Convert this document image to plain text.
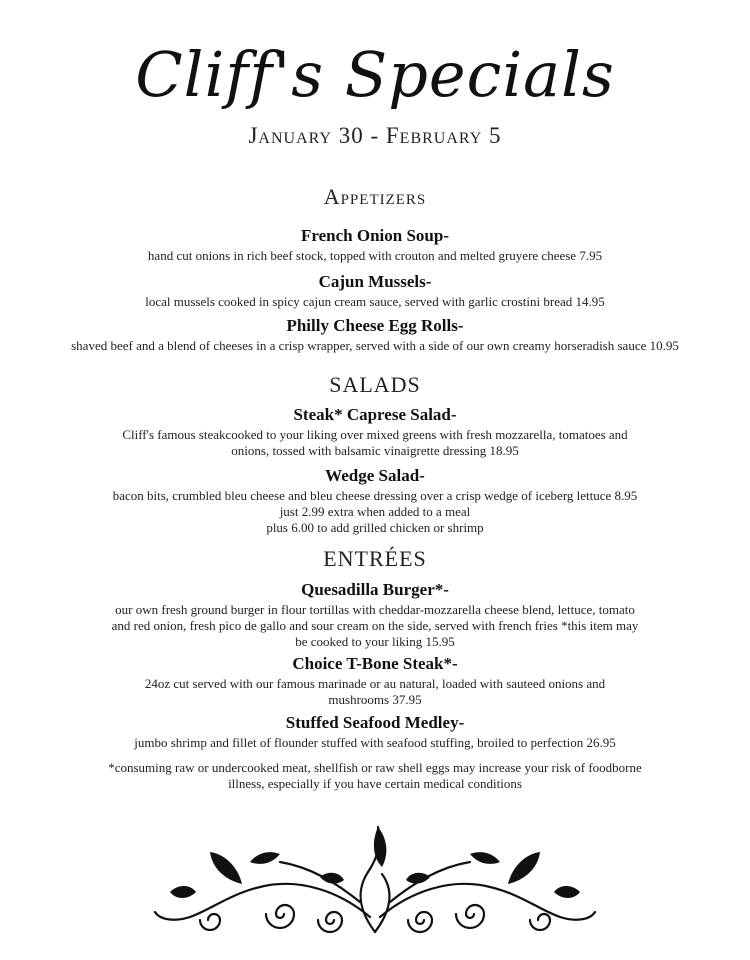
Cliff's Specials
January 30 - February 5
Appetizers
French Onion Soup-
hand cut onions in rich beef stock, topped with crouton and melted gruyere cheese 7.95
Cajun Mussels-
local mussels cooked in spicy cajun cream sauce, served with garlic crostini bread 14.95
Philly Cheese Egg Rolls-
shaved beef and a blend of cheeses in a crisp wrapper, served with a side of our own creamy horseradish sauce 10.95
SALADS
Steak* Caprese Salad-
Cliff's famous steakcooked to your liking over mixed greens with fresh mozzarella, tomatoes and
onions, tossed with balsamic vinaigrette dressing 18.95
Wedge Salad-
bacon bits, crumbled bleu cheese and bleu cheese dressing over a crisp wedge of iceberg lettuce 8.95
just 2.99 extra when added to a meal
plus 6.00 to add grilled chicken or shrimp
ENTRÉES
Quesadilla Burger*-
our own fresh ground burger in flour tortillas with cheddar-mozzarella cheese blend, lettuce, tomato
and red onion, fresh pico de gallo and sour cream on the side, served with french fries *this item may
be cooked to your liking 15.95
Choice T-Bone Steak*-
24oz cut served with our famous marinade or au natural, loaded with sauteed onions and
mushrooms 37.95
Stuffed Seafood Medley-
jumbo shrimp and fillet of flounder stuffed with seafood stuffing, broiled to perfection 26.95
*consuming raw or undercooked meat, shellfish or raw shell eggs may increase your risk of foodborne
illness, especially if you have certain medical conditions
